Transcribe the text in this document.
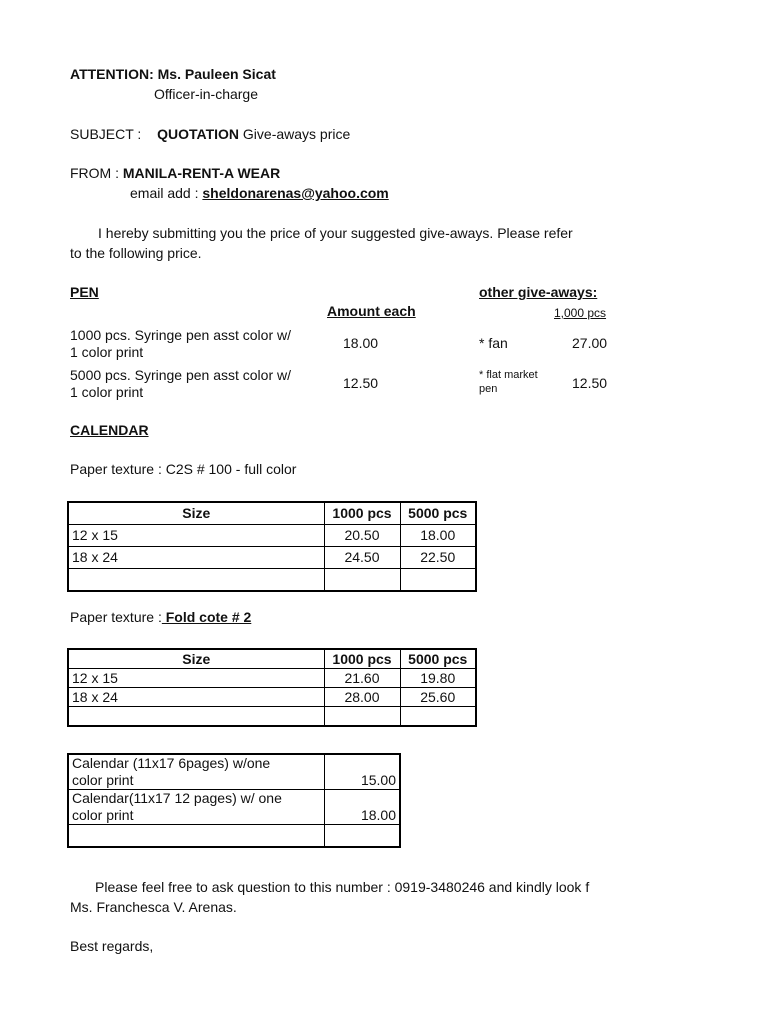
ATTENTION: Ms. Pauleen Sicat
Officer-in-charge
SUBJECT : QUOTATION Give-aways price
FROM : MANILA-RENT-A WEAR
email add : sheldonarenas@yahoo.com
I hereby submitting you the price of your suggested give-aways. Please refer
to the following price.
PEN
Amount each
1000 pcs. Syringe pen asst color w/
1 color print
18.00
5000 pcs. Syringe pen asst color w/
1 color print
12.50
other give-aways:
1,000 pcs
* fan	27.00
* flat market
pen	12.50
CALENDAR
Paper texture : C2S # 100 - full color
Size	1000 pcs	5000 pcs
12 x 15	20.50	18.00
18 x 24	24.50	22.50

Paper texture : Fold cote # 2
Size	1000 pcs	5000 pcs
12 x 15	21.60	19.80
18 x 24	28.00	25.60

Calendar (11x17 6pages) w/one
color print	15.00

Calendar(11x17 12 pages) w/ one
color print	18.00

Please feel free to ask question to this number : 0919-3480246 and kindly look f
Ms. Franchesca V. Arenas.
Best regards,
